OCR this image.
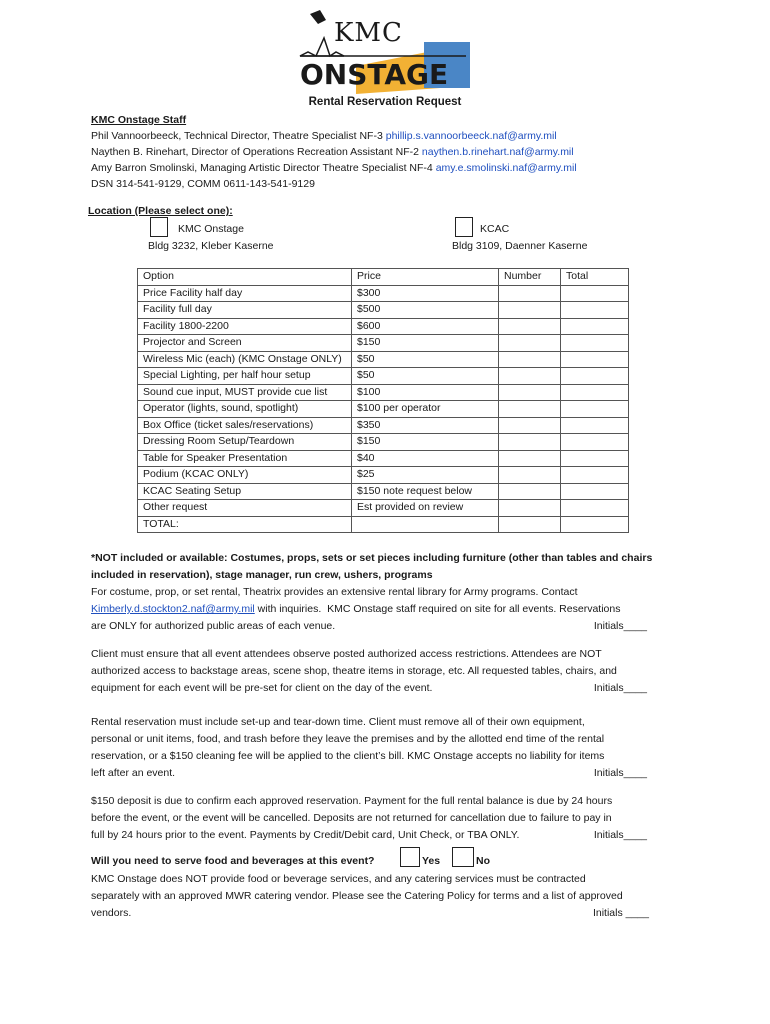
KMC
ONSTAGE
Rental Reservation Request
KMC Onstage Staff
Phil Vannoorbeeck, Technical Director, Theatre Specialist NF-3 phillip.s.vannoorbeeck.naf@army.mil
Naythen B. Rinehart, Director of Operations Recreation Assistant NF-2 naythen.b.rinehart.naf@army.mil
Amy Barron Smolinski, Managing Artistic Director Theatre Specialist NF-4 amy.e.smolinski.naf@army.mil
DSN 314-541-9129, COMM 0611-143-541-9129
Location (Please select one):
KMC Onstage
Bldg 3232, Kleber Kaserne
KCAC
Bldg 3109, Daenner Kaserne
Option	Price	Number	Total
Price Facility half day	$300		
Facility full day	$500		
Facility 1800-2200	$600		
Projector and Screen	$150		
Wireless Mic (each) (KMC Onstage ONLY)	$50		
Special Lighting, per half hour setup	$50		
Sound cue input, MUST provide cue list	$100		
Operator (lights, sound, spotlight)	$100 per operator		
Box Office (ticket sales/reservations)	$350		
Dressing Room Setup/Teardown	$150		
Table for Speaker Presentation	$40		
Podium (KCAC ONLY)	$25		
KCAC Seating Setup	$150 note request below		
Other request	Est provided on review		
TOTAL:			
*NOT included or available: Costumes, props, sets or set pieces including furniture (other than tables and chairs
included in reservation), stage manager, run crew, ushers, programs
For costume, prop, or set rental, Theatrix provides an extensive rental library for Army programs. Contact
Kimberly.d.stockton2.naf@army.mil with inquiries.  KMC Onstage staff required on site for all events. Reservations
are ONLY for authorized public areas of each venue.	Initials____
Client must ensure that all event attendees observe posted authorized access restrictions. Attendees are NOT
authorized access to backstage areas, scene shop, theatre items in storage, etc. All requested tables, chairs, and
equipment for each event will be pre-set for client on the day of the event.	Initials____
Rental reservation must include set-up and tear-down time. Client must remove all of their own equipment,
personal or unit items, food, and trash before they leave the premises and by the allotted end time of the rental
reservation, or a $150 cleaning fee will be applied to the client’s bill. KMC Onstage accepts no liability for items
left after an event.	Initials____
$150 deposit is due to confirm each approved reservation. Payment for the full rental balance is due by 24 hours
before the event, or the event will be cancelled. Deposits are not returned for cancellation due to failure to pay in
full by 24 hours prior to the event. Payments by Credit/Debit card, Unit Check, or TBA ONLY.	Initials____
Will you need to serve food and beverages at this event?	Yes	No
KMC Onstage does NOT provide food or beverage services, and any catering services must be contracted
separately with an approved MWR catering vendor. Please see the Catering Policy for terms and a list of approved
vendors.	Initials ____
